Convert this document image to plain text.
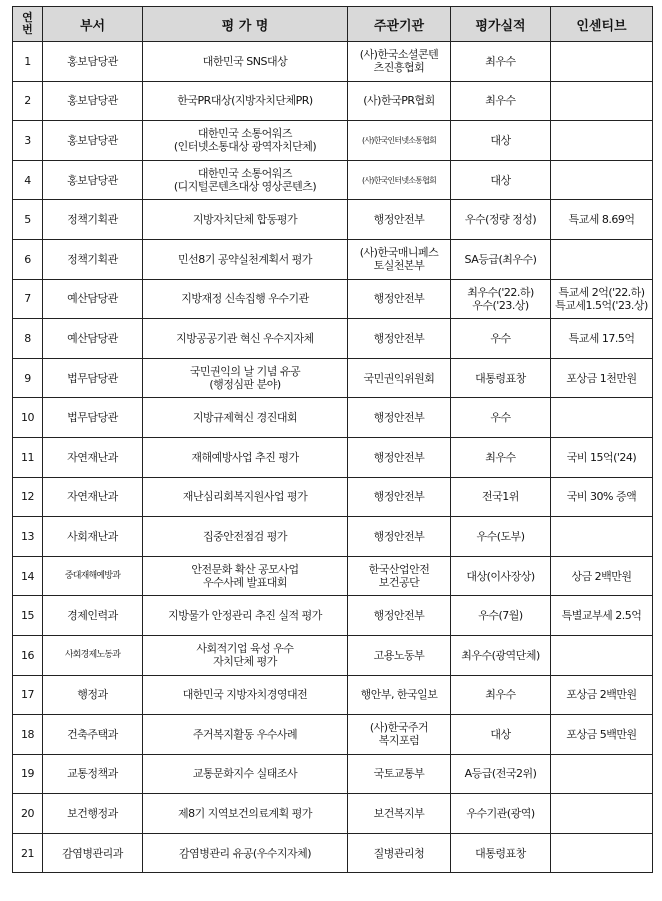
연
번	부서	평 가 명	주관기관	평가실적	인센티브

1	홍보담당관	대한민국 SNS대상	(사)한국소셜콘텐
츠진흥협회	최우수	

2	홍보담당관	한국PR대상(지방자치단체PR)	(사)한국PR협회	최우수	

3	홍보담당관	대한민국 소통어워즈
(인터넷소통대상 광역자치단체)	(사)한국인터넷소통협회	대상	

4	홍보담당관	대한민국 소통어워즈
(디지털콘텐츠대상 영상콘텐츠)	(사)한국인터넷소통협회	대상	

5	정책기획관	지방자치단체 합동평가	행정안전부	우수(정량 정성)	특교세 8.69억

6	정책기획관	민선8기 공약실천계획서 평가	(사)한국매니페스
토실천본부	SA등급(최우수)	

7	예산담당관	지방재정 신속집행 우수기관	행정안전부	최우수('22.하)
우수('23.상)	특교세 2억('22.하)
특교세1.5억('23.상)

8	예산담당관	지방공공기관 혁신 우수지자체	행정안전부	우수	특교세 17.5억

9	법무담당관	국민권익의 날 기념 유공
(행정심판 분야)	국민권익위원회	대통령표창	포상금 1천만원

10	법무담당관	지방규제혁신 경진대회	행정안전부	우수	

11	자연재난과	재해예방사업 추진 평가	행정안전부	최우수	국비 15억('24)

12	자연재난과	재난심리회복지원사업 평가	행정안전부	전국1위	국비 30% 증액

13	사회재난과	집중안전점검 평가	행정안전부	우수(도부)	

14	중대재해예방과	안전문화 확산 공모사업
우수사례 발표대회	한국산업안전
보건공단	대상(이사장상)	상금 2백만원

15	경제인력과	지방물가 안정관리 추진 실적 평가	행정안전부	우수(7월)	특별교부세 2.5억

16	사회경제노동과	사회적기업 육성 우수
자치단체 평가	고용노동부	최우수(광역단체)	

17	행정과	대한민국 지방자치경영대전	행안부, 한국일보	최우수	포상금 2백만원

18	건축주택과	주거복지활동 우수사례	(사)한국주거
복지포럼	대상	포상금 5백만원

19	교통정책과	교통문화지수 실태조사	국토교통부	A등급(전국2위)	

20	보건행정과	제8기 지역보건의료계획 평가	보건복지부	우수기관(광역)	

21	감염병관리과	감염병관리 유공(우수지자체)	질병관리청	대통령표창	
